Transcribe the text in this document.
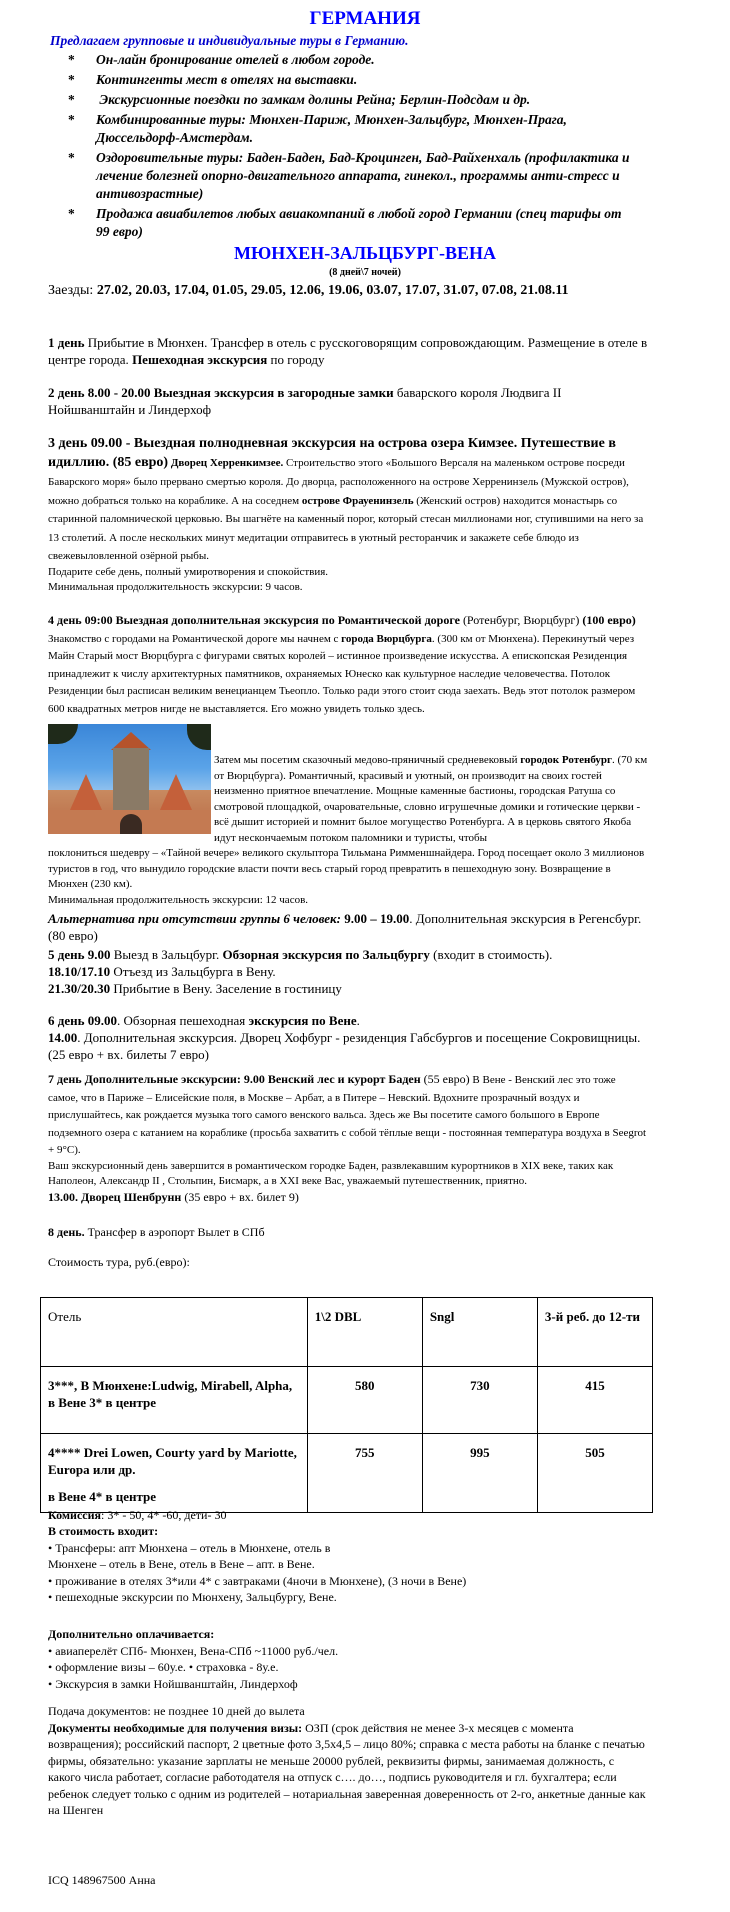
ГЕРМАНИЯ
Предлагаем групповые и индивидуальные туры в Германию.
* Он-лайн бронирование отелей в любом городе.
* Контингенты мест в отелях на выставки.
* Экскурсионные поездки по замкам долины Рейна; Берлин-Подсдам и др.
* Комбинированные туры: Мюнхен-Париж, Мюнхен-Зальцбург, Мюнхен-Прага, Дюссельдорф-Амстердам.
* Оздоровительные туры: Баден-Баден, Бад-Кроцинген, Бад-Райхенхаль (профилактика и лечение болезней опорно-двигательного аппарата, гинекол., программы анти-стресс и антивозрастные)
* Продажа авиабилетов любых авиакомпаний в любой город Германии (спец тарифы от 99 евро)
МЮНХЕН-ЗАЛЬЦБУРГ-ВЕНА
(8 дней\7 ночей)
Заезды: 27.02, 20.03, 17.04, 01.05, 29.05, 12.06, 19.06, 03.07, 17.07, 31.07, 07.08, 21.08.11
1 день Прибытие в Мюнхен. Трансфер в отель с русскоговорящим сопровождающим. Размещение в отеле в центре города. Пешеходная экскурсия по городу
2 день 8.00 - 20.00 Выездная экскурсия в загородные замки баварского короля Людвига II Нойшванштайн и Линдерхоф
3 день 09.00 - Выездная полнодневная экскурсия на острова озера Кимзее. Путешествие в идиллию. (85 евро) Дворец Херренкимзее. Строительство этого «Большого Версаля на маленьком острове посреди Баварского моря» было прервано смертью короля. До дворца, расположенного на острове Херренинзель (Мужской остров), можно добраться только на кораблике. А на соседнем острове Фрауенинзель (Женский остров) находится монастырь со старинной паломнической церковью. Вы шагнёте на каменный порог, который стесан миллионами ног, ступившими на него за 13 столетий. А после нескольких минут медитации отправитесь в уютный ресторанчик и закажете себе блюдо из свежевыловленной озёрной рыбы.
Подарите себе день, полный умиротворения и спокойствия.
Минимальная продолжительность экскурсии: 9 часов.
4 день 09:00 Выездная дополнительная экскурсия по Романтической дороге (Ротенбург, Вюрцбург) (100 евро) Знакомство с городами на Романтической дороге мы начнем с города Вюрцбурга. (300 км от Мюнхена). Перекинутый через Майн Старый мост Вюрцбурга с фигурами святых королей – истинное произведение искусства. А епископская Резиденция принадлежит к числу архитектурных памятников, охраняемых Юнеско как культурное наследие человечества. Потолок Резиденции был расписан великим венецианцем Тьеопло. Только ради этого стоит сюда заехать. Ведь этот потолок размером 600 квадратных метров нигде не выставляется. Его можно увидеть только здесь.
Затем мы посетим сказочный медово-пряничный средневековый городок Ротенбург. (70 км от Вюрцбурга). Романтичный, красивый и уютный, он производит на своих гостей неизменно приятное впечатление. Мощные каменные бастионы, городская Ратуша со смотровой площадкой, очаровательные, словно игрушечные домики и готические церкви - всё дышит историей и помнит былое могущество Ротенбурга. А в церковь святого Якоба идут нескончаемым потоком паломники и туристы, чтобы
поклониться шедевру – «Тайной вечере» великого скульптора Тильмана Римменшнайдера. Город посещает около 3 миллионов туристов в год, что вынудило городские власти почти весь старый город превратить в пешеходную зону. Возвращение в Мюнхен (230 км).
Минимальная продолжительность экскурсии: 12 часов.
Альтернатива при отсутствии группы 6 человек: 9.00 – 19.00. Дополнительная экскурсия в Регенсбург. (80 евро)
5 день 9.00 Выезд в Зальцбург. Обзорная экскурсия по Зальцбургу (входит в стоимость).
18.10/17.10 Отъезд из Зальцбурга в Вену.
21.30/20.30 Прибытие в Вену. Заселение в гостиницу
6 день 09.00. Обзорная пешеходная экскурсия по Вене.
14.00. Дополнительная экскурсия. Дворец Хофбург - резиденция Габсбургов и посещение Сокровищницы. (25 евро + вх. билеты 7 евро)
7 день Дополнительные экскурсии: 9.00 Венский лес и курорт Баден (55 евро) В Вене - Венский лес это тоже самое, что в Париже – Елисейские поля, в Москве – Арбат, а в Питере – Невский. Вдохните прозрачный воздух и прислушайтесь, как рождается музыка того самого венского вальса. Здесь же Вы посетите самого большого в Европе подземного озера с катанием на кораблике (просьба захватить с собой тёплые вещи - постоянная температура воздуха в Seegrot + 9°C).
Ваш экскурсионный день завершится в романтическом городке Баден, развлекавшим курортников в XIX веке, таких как Наполеон, Александр II , Стольпин, Бисмарк, а в XXI веке Вас, уважаемый путешественник, приятно.
13.00. Дворец Шенбрунн (35 евро + вх. билет 9)
8 день. Трансфер в аэропорт Вылет в СПб
Стоимость тура, руб.(евро):
Отель	1\2 DBL	Sngl	3-й реб. до 12-ти
3***, В Мюнхене:Ludwig, Mirabell, Alpha, в Вене 3* в центре	580	730	415

4**** Drei Lowen, Courty yard by Mariotte, Europa или др.
в Вене 4* в центре	755	995	505
Комиссия: 3* - 50, 4* -60, дети- 30
В стоимость входит:
• Трансферы: апт Мюнхена – отель в Мюнхене, отель в
Мюнхене – отель в Вене, отель в Вене – апт. в Вене.
• проживание в отелях 3*или 4* с завтраками (4ночи в Мюнхене), (3 ночи в Вене)
• пешеходные экскурсии по Мюнхену, Зальцбургу, Вене.
Дополнительно оплачивается:
• авиаперелёт СПб- Мюнхен, Вена-СПб ~11000 руб./чел.
• оформление визы – 60у.е. • страховка - 8у.е.
• Экскурсия в замки Нойшванштайн, Линдерхоф
Подача документов: не позднее 10 дней до вылета
Документы необходимые для получения визы: ОЗП (срок действия не менее 3-х месяцев с момента возвращения); российский паспорт, 2 цветные фото 3,5х4,5 – лицо 80%; справка с места работы на бланке с печатью фирмы, обязательно: указание зарплаты не меньше 20000 рублей, реквизиты фирмы, занимаемая должность, с какого числа работает, согласие работодателя на отпуск с…. до…, подпись руководителя и гл. бухгалтера; если ребенок следует только с одним из родителей – нотариальная заверенная доверенность от 2-го, анкетные данные как на Шенген
ICQ 148967500 Анна
